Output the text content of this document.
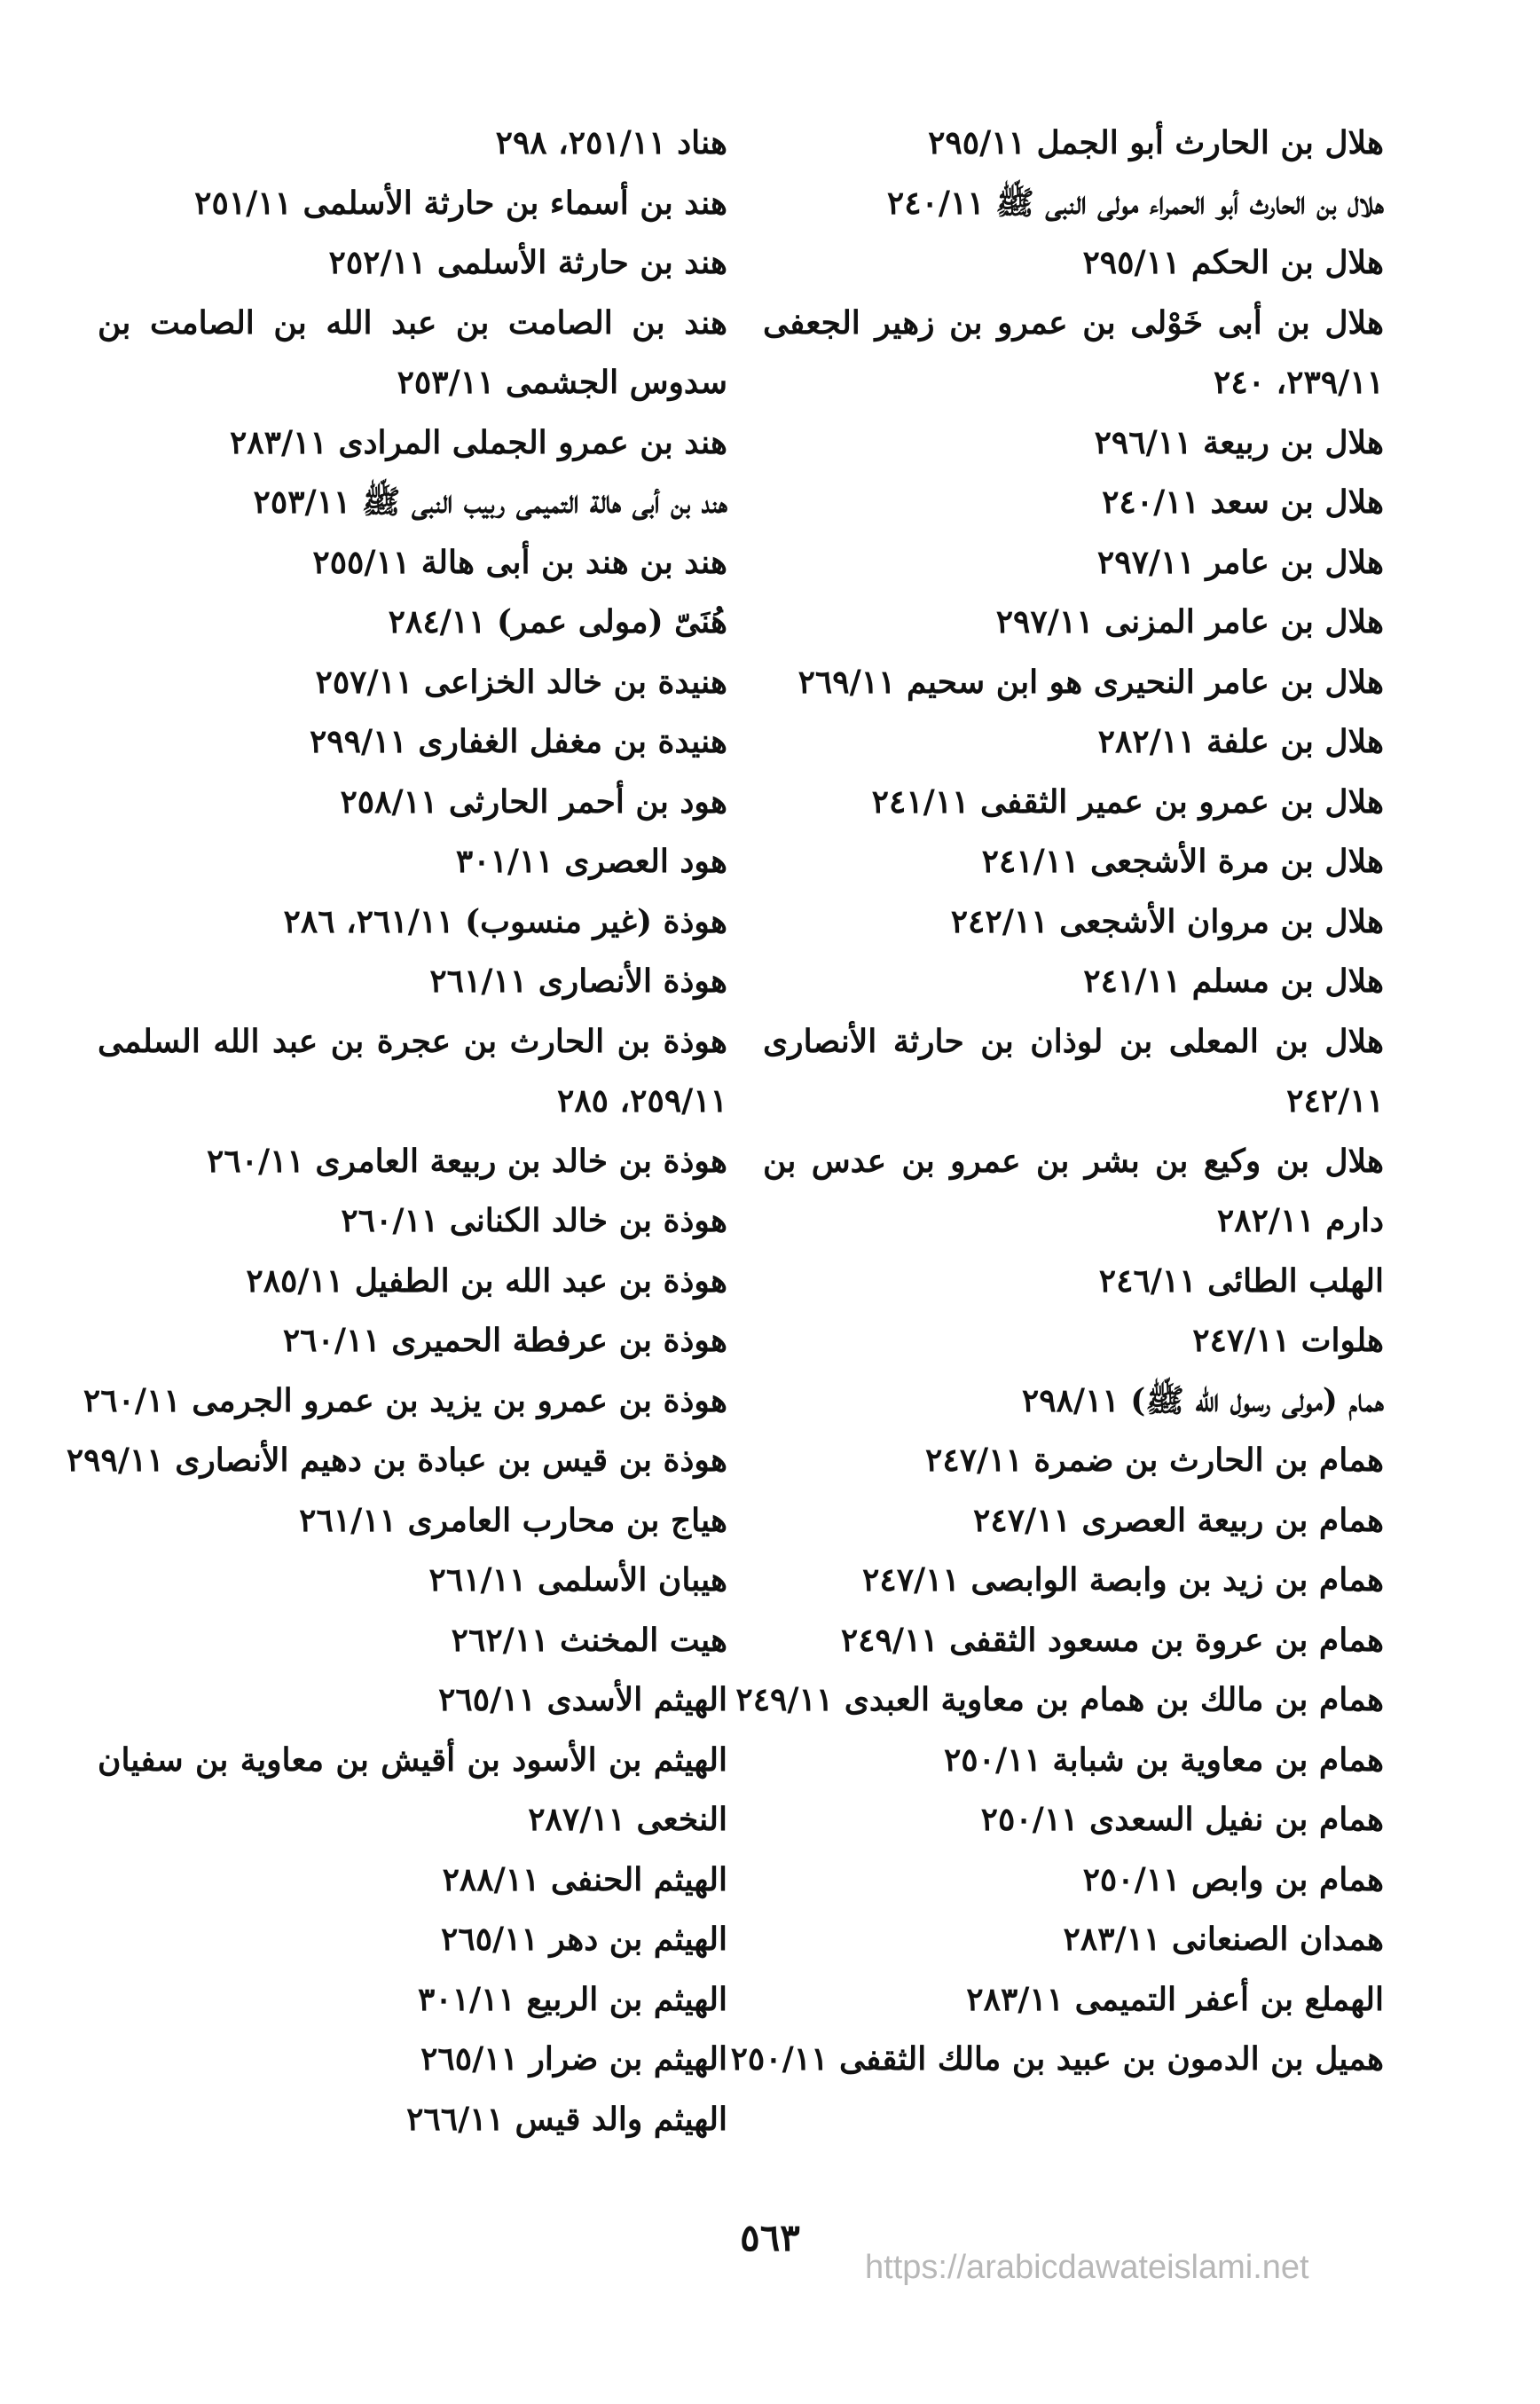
هلال بن الحارث أبو الجمل ٢٩٥/١١
هلال بن الحارث أبو الحمراء مولى النبى ﷺ ٢٤٠/١١
هلال بن الحكم ٢٩٥/١١
هلال بن أبى خَوْلى بن عمرو بن زهير الجعفى ٢٣٩/١١، ٢٤٠
هلال بن ربيعة ٢٩٦/١١
هلال بن سعد ٢٤٠/١١
هلال بن عامر ٢٩٧/١١
هلال بن عامر المزنى ٢٩٧/١١
هلال بن عامر النحيرى هو ابن سحيم ٢٦٩/١١
هلال بن علفة ٢٨٢/١١
هلال بن عمرو بن عمير الثقفى ٢٤١/١١
هلال بن مرة الأشجعى ٢٤١/١١
هلال بن مروان الأشجعى ٢٤٢/١١
هلال بن مسلم ٢٤١/١١
هلال بن المعلى بن لوذان بن حارثة الأنصارى ٢٤٢/١١
هلال بن وكيع بن بشر بن عمرو بن عدس بن دارم ٢٨٢/١١
الهلب الطائى ٢٤٦/١١
هلوات ٢٤٧/١١
همام (مولى رسول الله ﷺ) ٢٩٨/١١
همام بن الحارث بن ضمرة ٢٤٧/١١
همام بن ربيعة العصرى ٢٤٧/١١
همام بن زيد بن وابصة الوابصى ٢٤٧/١١
همام بن عروة بن مسعود الثقفى ٢٤٩/١١
همام بن مالك بن همام بن معاوية العبدى ٢٤٩/١١
همام بن معاوية بن شبابة ٢٥٠/١١
همام بن نفيل السعدى ٢٥٠/١١
همام بن وابص ٢٥٠/١١
همدان الصنعانى ٢٨٣/١١
الهملع بن أعفر التميمى ٢٨٣/١١
هميل بن الدمون بن عبيد بن مالك الثقفى ٢٥٠/١١
هناد ٢٥١/١١، ٢٩٨
هند بن أسماء بن حارثة الأسلمى ٢٥١/١١
هند بن حارثة الأسلمى ٢٥٢/١١
هند بن الصامت بن عبد الله بن الصامت بن سدوس الجشمى ٢٥٣/١١
هند بن عمرو الجملى المرادى ٢٨٣/١١
هند بن أبى هالة التميمى ربيب النبى ﷺ ٢٥٣/١١
هند بن هند بن أبى هالة ٢٥٥/١١
هُنَىّ (مولى عمر) ٢٨٤/١١
هنيدة بن خالد الخزاعى ٢٥٧/١١
هنيدة بن مغفل الغفارى ٢٩٩/١١
هود بن أحمر الحارثى ٢٥٨/١١
هود العصرى ٣٠١/١١
هوذة (غير منسوب) ٢٦١/١١، ٢٨٦
هوذة الأنصارى ٢٦١/١١
هوذة بن الحارث بن عجرة بن عبد الله السلمى ٢٥٩/١١، ٢٨٥
هوذة بن خالد بن ربيعة العامرى ٢٦٠/١١
هوذة بن خالد الكنانى ٢٦٠/١١
هوذة بن عبد الله بن الطفيل ٢٨٥/١١
هوذة بن عرفطة الحميرى ٢٦٠/١١
هوذة بن عمرو بن يزيد بن عمرو الجرمى ٢٦٠/١١
هوذة بن قيس بن عبادة بن دهيم الأنصارى ٢٩٩/١١
هياج بن محارب العامرى ٢٦١/١١
هيبان الأسلمى ٢٦١/١١
هيت المخنث ٢٦٢/١١
الهيثم الأسدى ٢٦٥/١١
الهيثم بن الأسود بن أقيش بن معاوية بن سفيان النخعى ٢٨٧/١١
الهيثم الحنفى ٢٨٨/١١
الهيثم بن دهر ٢٦٥/١١
الهيثم بن الربيع ٣٠١/١١
الهيثم بن ضرار ٢٦٥/١١
الهيثم والد قيس ٢٦٦/١١
٥٦٣
https://arabicdawateislami.net
